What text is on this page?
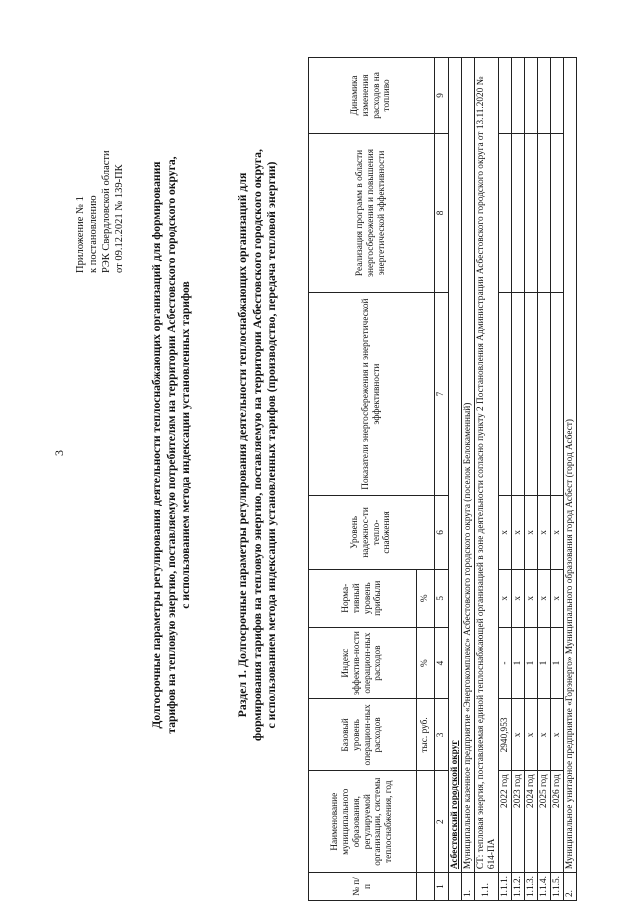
3
Приложение № 1 к постановлению РЭК Свердловской области от 09.12.2021 № 139-ПК Долгосрочные параметры регулирования деятельности теплоснабжающих организаций для формирования тарифов на тепловую энергию, поставляемую потребителям на территории Асбестовского городского округа, с использованием метода индексации установленных тарифов	Раздел 1. Долгосрочные параметры регулирования деятельности теплоснабжающих организаций для формирования тарифов на тепловую энергию, поставляемую на территории Асбестовского городского округа, с использованием метода индексации установленных тарифов (производство, передача тепловой энергии)
№ п/п	Наименование муниципального образования, регулируемой организации, системы теплоснабжения, год	Базовый уровень операцион-ных расходов	Индекс эффектив-ности операцион-ных расходов	Норма-тивный уровень прибыли	Уровень надежнос-ти тепло-снабжения	Показатели энергосбережения и энергетической эффективности	Реализация программ в области энергосбережения и повышения энергетической эффективности	Динамика изменения расходов на топливо
		тыс. руб.	%	%				
1	2	3	4	5	6	7	8	9
	Асбестовский городской округ							
1.	Муниципальное казенное предприятие «Энергокомплекс» Асбестовского городского округа (поселок Белокаменный)							
1.1.	СТ: тепловая энергия, поставляемая единой теплоснабжающей организацией в зоне деятельности согласно пункту 2 Постановления Администрации Асбестовского городского округа от 13.11.2020 № 614-ПА							
1.1.1.	2022 год	2940,953	-	x	x			
1.1.2.	2023 год	x	1	x	x			
1.1.3.	2024 год	x	1	x	x			
1.1.4.	2025 год	x	1	x	x			
1.1.5.	2026 год	x	1	x	x			
2.	Муниципальное унитарное предприятие «Горэнерго» Муниципального образования город Асбест (город Асбест)							
